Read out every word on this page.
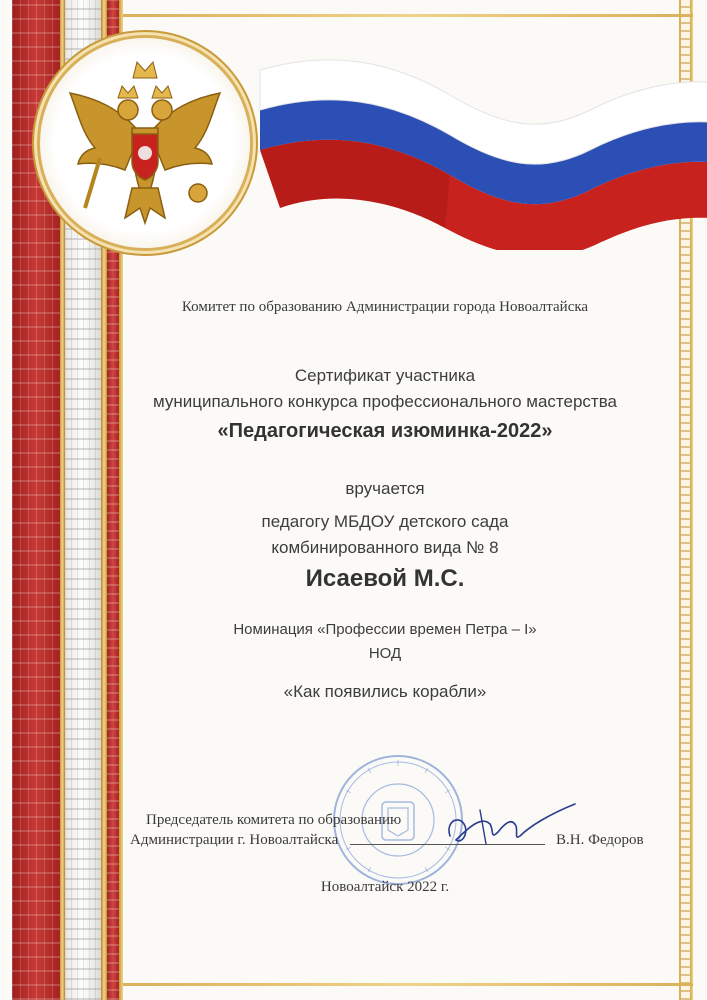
Комитет по образованию Администрации города Новоалтайска
Сертификат участника
муниципального конкурса профессионального мастерства
«Педагогическая изюминка-2022»
вручается
педагогу МБДОУ детского сада
комбинированного вида № 8
Исаевой М.С.
Номинация «Профессии времен Петра – I»
НОД
«Как появились корабли»
Председатель комитета по образованию
Администрации г. Новоалтайска	В.Н. Федоров
Новоалтайск 2022 г.
